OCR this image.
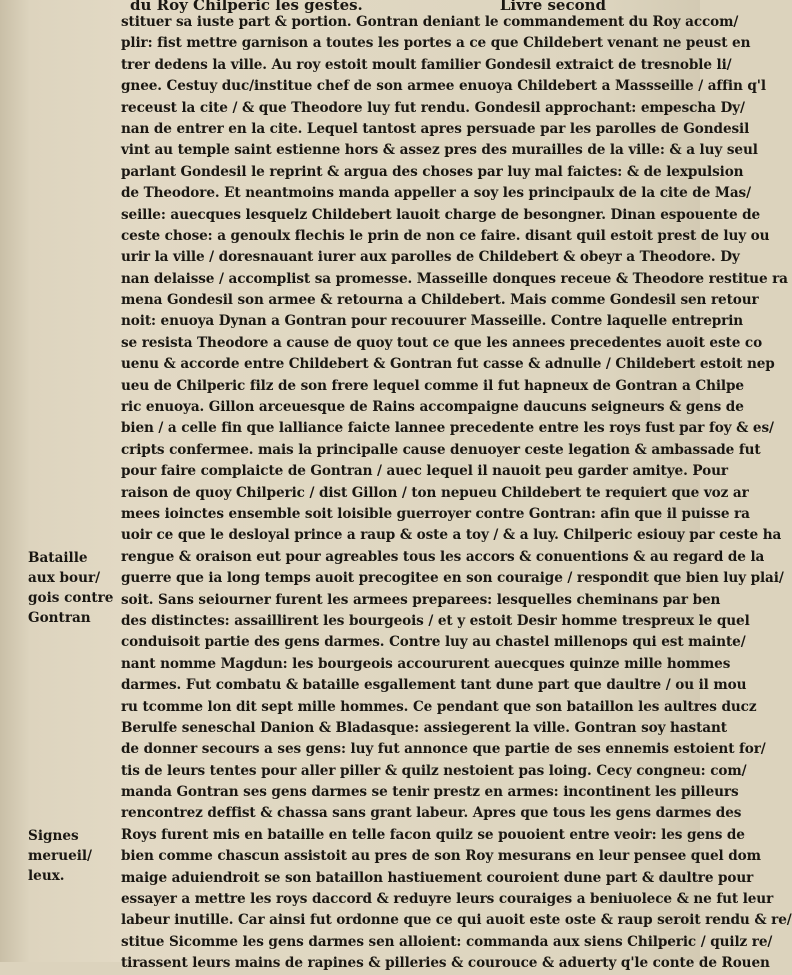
du Roy Chilperic les gestes.	Livre second
Bataille
aux bour/
gois contre
Gontran
Signes
merueil/
leux.
stituer sa iuste part & portion. Gontran deniant le commandement du Roy accom/
plir: fist mettre garnison a toutes les portes a ce que Childebert venant ne peust en
trer dedens la ville. Au roy estoit moult familier Gondesil extraict de tresnoble li/
gnee. Cestuy duc/institue chef de son armee enuoya Childebert a Massseille / affin q'l
receust la cite / & que Theodore luy fut rendu. Gondesil approchant: empescha Dy/
nan de entrer en la cite. Lequel tantost apres persuade par les parolles de Gondesil
vint au temple saint estienne hors & assez pres des murailles de la ville: & a luy seul
parlant Gondesil le reprint & argua des choses par luy mal faictes: & de lexpulsion
de Theodore. Et neantmoins manda appeller a soy les principaulx de la cite de Mas/
seille: auecques lesquelz Childebert lauoit charge de besongner. Dinan espouente de
ceste chose: a genoulx flechis le prin de non ce faire. disant quil estoit prest de luy ou
urir la ville / doresnauant iurer aux parolles de Childebert & obeyr a Theodore. Dy
nan delaisse / accomplist sa promesse. Masseille donques receue & Theodore restitue ra
mena Gondesil son armee & retourna a Childebert. Mais comme Gondesil sen retour
noit: enuoya Dynan a Gontran pour recouurer Masseille. Contre laquelle entreprin
se resista Theodore a cause de quoy tout ce que les annees precedentes auoit este co
uenu & accorde entre Childebert & Gontran fut casse & adnulle / Childebert estoit nep
ueu de Chilperic filz de son frere lequel comme il fut hapneux de Gontran a Chilpe
ric enuoya. Gillon arceuesque de Rains accompaigne daucuns seigneurs & gens de
bien / a celle fin que lalliance faicte lannee precedente entre les roys fust par foy & es/
cripts confermee. mais la principalle cause denuoyer ceste legation & ambassade fut
pour faire complaicte de Gontran / auec lequel il nauoit peu garder amitye. Pour
raison de quoy Chilperic / dist Gillon / ton nepueu Childebert te requiert que voz ar
mees ioinctes ensemble soit loisible guerroyer contre Gontran: afin que il puisse ra
uoir ce que le desloyal prince a raup & oste a toy / & a luy. Chilperic esiouy par ceste ha
rengue & oraison eut pour agreables tous les accors & conuentions & au regard de la
guerre que ia long temps auoit precogitee en son couraige / respondit que bien luy plai/
soit. Sans seiourner furent les armees preparees: lesquelles cheminans par ben
des distinctes: assaillirent les bourgeois / et y estoit Desir homme trespreux le quel
conduisoit partie des gens darmes. Contre luy au chastel millenops qui est mainte/
nant nomme Magdun: les bourgeois accoururent auecques quinze mille hommes
darmes. Fut combatu & bataille esgallement tant dune part que daultre / ou il mou
ru tcomme lon dit sept mille hommes. Ce pendant que son bataillon les aultres ducz
Berulfe seneschal Danion & Bladasque: assiegerent la ville. Gontran soy hastant
de donner secours a ses gens: luy fut annonce que partie de ses ennemis estoient for/
tis de leurs tentes pour aller piller & quilz nestoient pas loing. Cecy congneu: com/
manda Gontran ses gens darmes se tenir prestz en armes: incontinent les pilleurs
rencontrez deffist & chassa sans grant labeur. Apres que tous les gens darmes des
Roys furent mis en bataille en telle facon quilz se pouoient entre veoir: les gens de
bien comme chascun assistoit au pres de son Roy mesurans en leur pensee quel dom
maige aduiendroit se son bataillon hastiuement couroient dune part & daultre pour
essayer a mettre les roys daccord & reduyre leurs couraiges a beniuolece & ne fut leur
labeur inutille. Car ainsi fut ordonne que ce qui auoit este oste & raup seroit rendu & re/
stitue Sicomme les gens darmes sen alloient: commanda aux siens Chilperic / quilz re/
tirassent leurs mains de rapines & pilleries & courouce & aduerty q'le conte de Rouen
